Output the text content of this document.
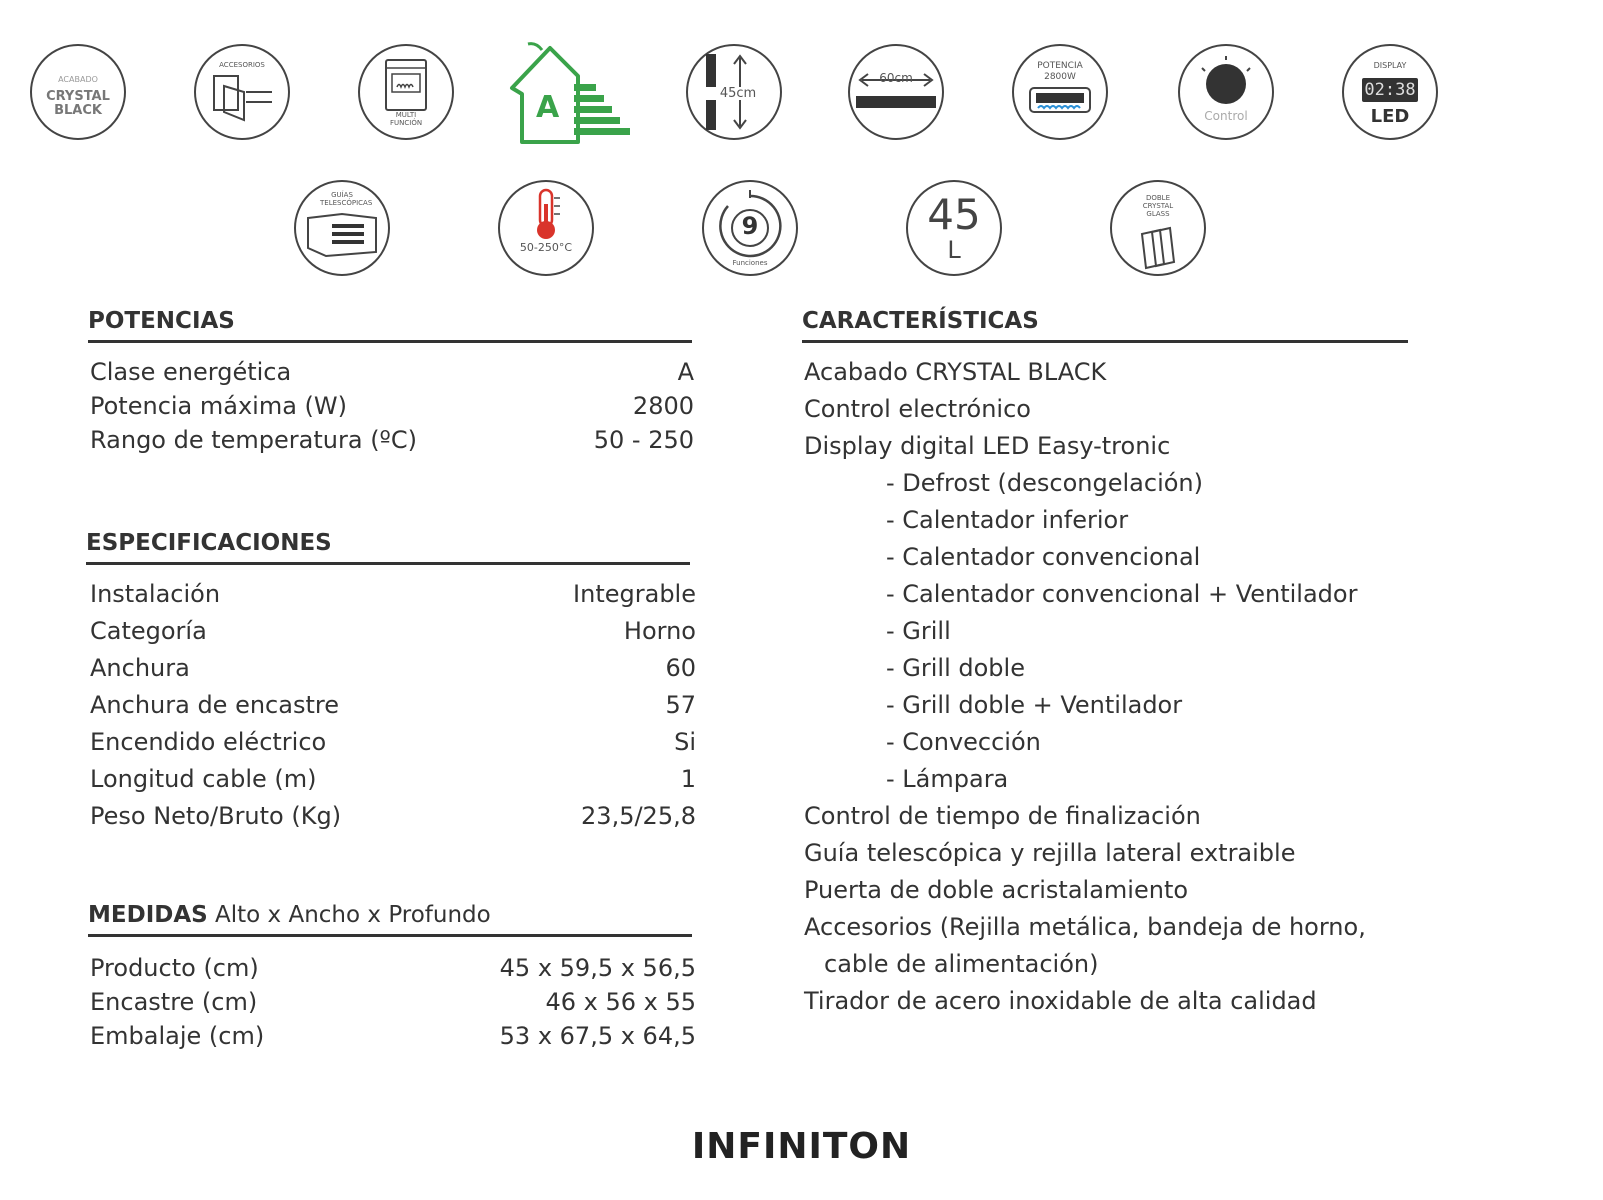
ACABADO
CRYSTAL BLACK
ACCESORIOS
MULTI FUNCIÓN	A	45cm
60cm
POTENCIA
2800W
Control
DISPLAY
02:38
LED
GUÍAS TELESCÓPICAS
50-250°C
9
Funciones
45
L
DOBLE CRYSTAL GLASS
POTENCIAS
Clase energética	A
Potencia máxima (W)	2800
Rango de temperatura (ºC)	50 - 250
ESPECIFICACIONES
Instalación	Integrable
Categoría	Horno
Anchura	60
Anchura de encastre	57
Encendido eléctrico	Si
Longitud cable (m)	1
Peso Neto/Bruto (Kg)	23,5/25,8
MEDIDAS Alto x Ancho x Profundo
Producto (cm)	45 x 59,5 x 56,5
Encastre (cm)	46 x 56 x 55
Embalaje (cm)	53 x 67,5 x 64,5
CARACTERÍSTICAS
Acabado CRYSTAL BLACK
Control electrónico
Display digital LED Easy-tronic
- Defrost (descongelación)
- Calentador inferior
- Calentador convencional
- Calentador convencional + Ventilador
- Grill
- Grill doble
- Grill doble + Ventilador
- Convección
- Lámpara
Control de tiempo de finalización
Guía telescópica y rejilla lateral extraible
Puerta de doble acristalamiento
Accesorios (Rejilla metálica, bandeja de horno,
cable de alimentación)
Tirador de acero inoxidable de alta calidad
INFINITON
